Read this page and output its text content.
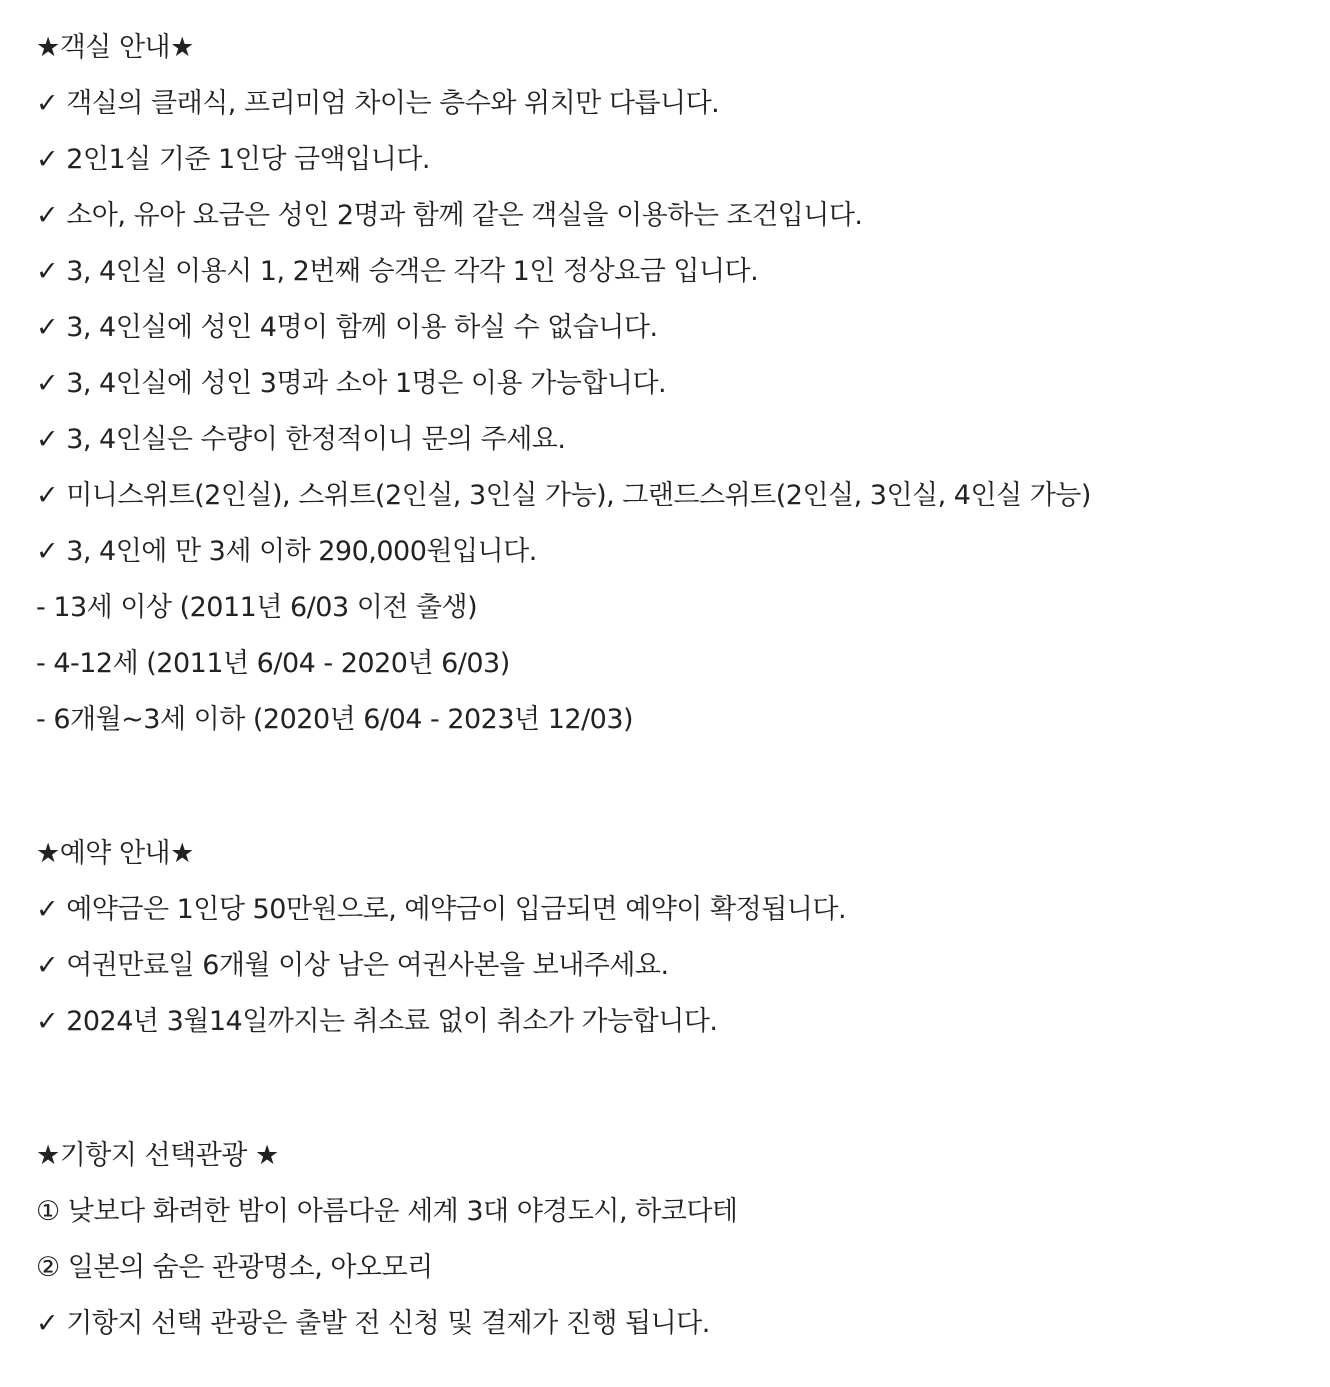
★객실 안내★
✓ 객실의 클래식, 프리미엄 차이는 층수와 위치만 다릅니다.
✓ 2인1실 기준 1인당 금액입니다.
✓ 소아, 유아 요금은 성인 2명과 함께 같은 객실을 이용하는 조건입니다.
✓ 3, 4인실 이용시 1, 2번째 승객은 각각 1인 정상요금 입니다.
✓ 3, 4인실에 성인 4명이 함께 이용 하실 수 없습니다.
✓ 3, 4인실에 성인 3명과 소아 1명은 이용 가능합니다.
✓ 3, 4인실은 수량이 한정적이니 문의 주세요.
✓ 미니스위트(2인실), 스위트(2인실, 3인실 가능), 그랜드스위트(2인실, 3인실, 4인실 가능)
✓ 3, 4인에 만 3세 이하 290,000원입니다.
- 13세 이상 (2011년 6/03 이전 출생)
- 4-12세 (2011년 6/04 - 2020년 6/03)
- 6개월~3세 이하 (2020년 6/04 - 2023년 12/03)
★예약 안내★
✓ 예약금은 1인당 50만원으로, 예약금이 입금되면 예약이 확정됩니다.
✓ 여권만료일 6개월 이상 남은 여권사본을 보내주세요.
✓ 2024년 3월14일까지는 취소료 없이 취소가 가능합니다.
★기항지 선택관광 ★
① 낮보다 화려한 밤이 아름다운 세계 3대 야경도시, 하코다테
② 일본의 숨은 관광명소, 아오모리
✓ 기항지 선택 관광은 출발 전 신청 및 결제가 진행 됩니다.
